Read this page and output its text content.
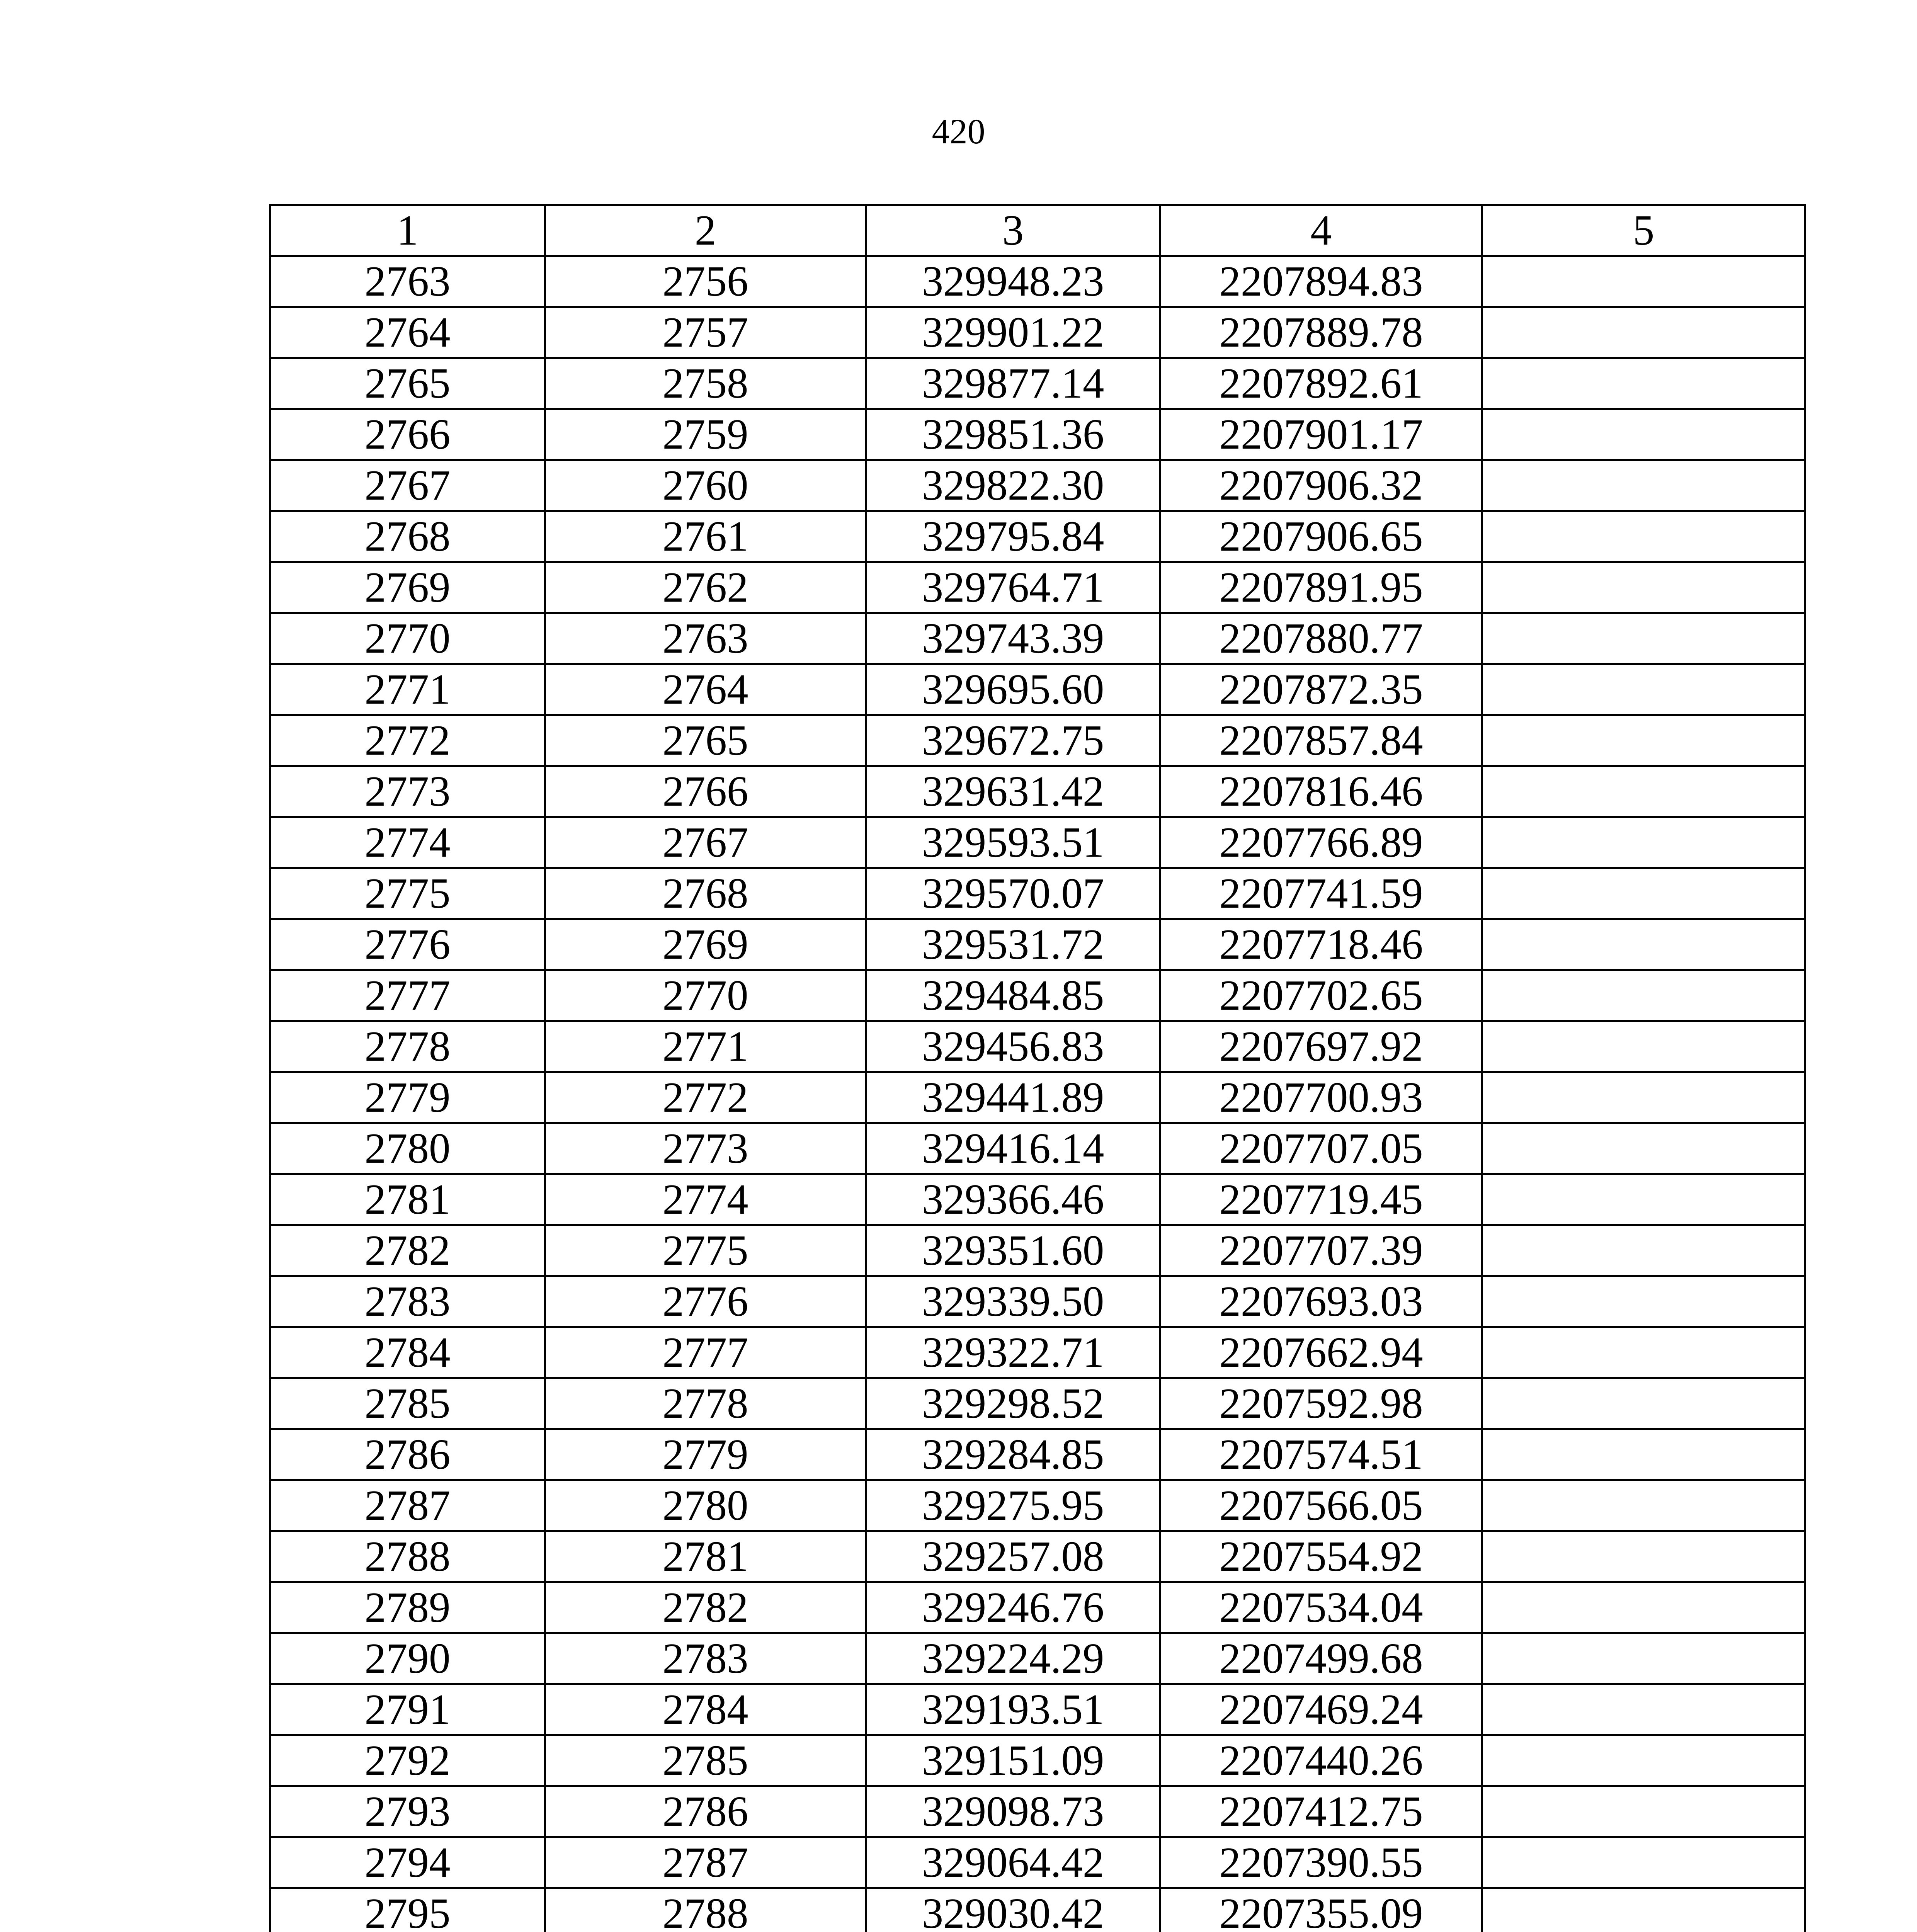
420
1	2	3	4	5
2763	2756	329948.23	2207894.83	
2764	2757	329901.22	2207889.78	
2765	2758	329877.14	2207892.61	
2766	2759	329851.36	2207901.17	
2767	2760	329822.30	2207906.32	
2768	2761	329795.84	2207906.65	
2769	2762	329764.71	2207891.95	
2770	2763	329743.39	2207880.77	
2771	2764	329695.60	2207872.35	
2772	2765	329672.75	2207857.84	
2773	2766	329631.42	2207816.46	
2774	2767	329593.51	2207766.89	
2775	2768	329570.07	2207741.59	
2776	2769	329531.72	2207718.46	
2777	2770	329484.85	2207702.65	
2778	2771	329456.83	2207697.92	
2779	2772	329441.89	2207700.93	
2780	2773	329416.14	2207707.05	
2781	2774	329366.46	2207719.45	
2782	2775	329351.60	2207707.39	
2783	2776	329339.50	2207693.03	
2784	2777	329322.71	2207662.94	
2785	2778	329298.52	2207592.98	
2786	2779	329284.85	2207574.51	
2787	2780	329275.95	2207566.05	
2788	2781	329257.08	2207554.92	
2789	2782	329246.76	2207534.04	
2790	2783	329224.29	2207499.68	
2791	2784	329193.51	2207469.24	
2792	2785	329151.09	2207440.26	
2793	2786	329098.73	2207412.75	
2794	2787	329064.42	2207390.55	
2795	2788	329030.42	2207355.09	
